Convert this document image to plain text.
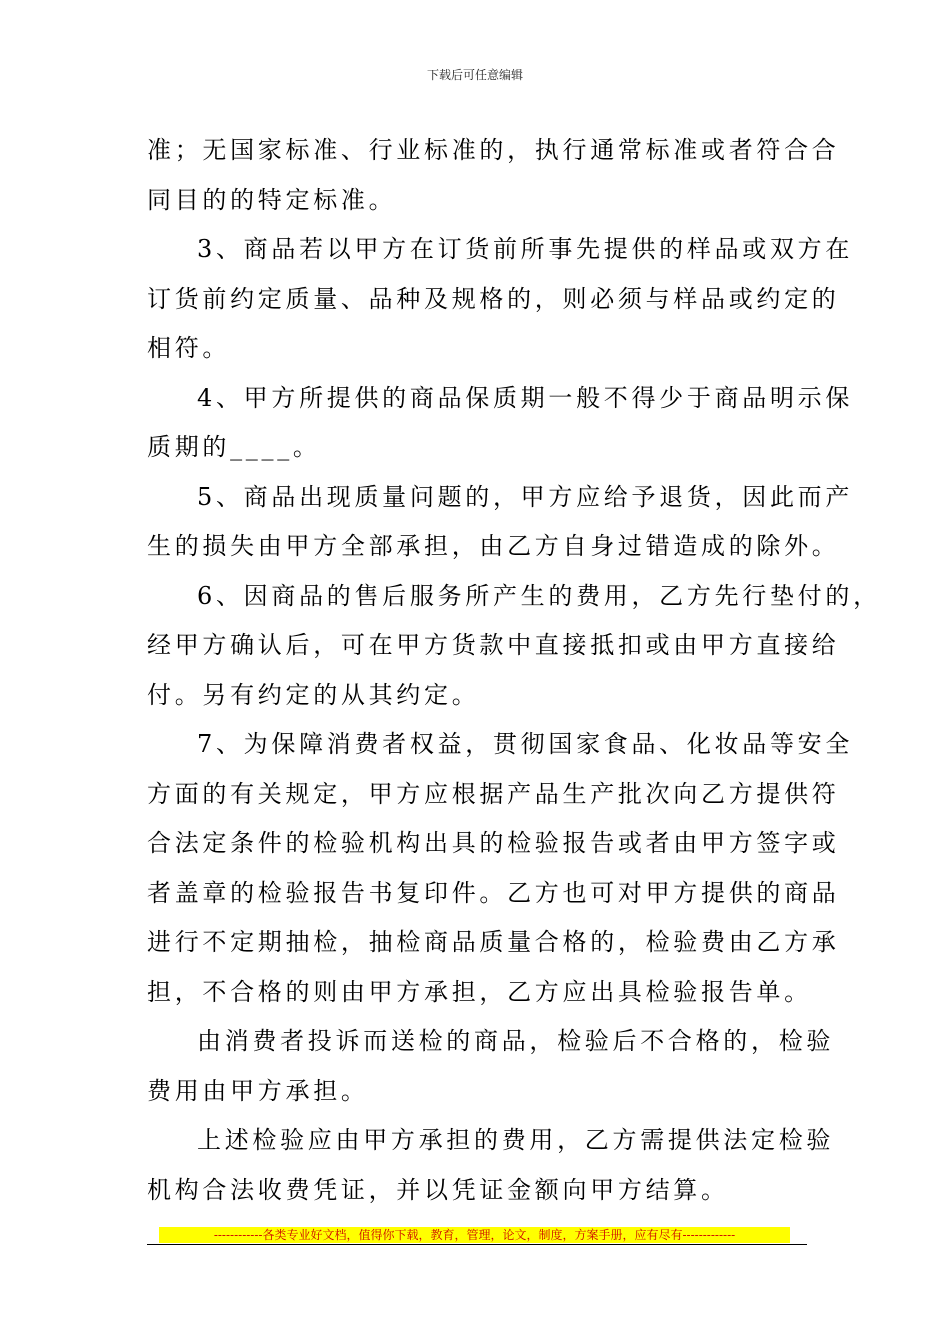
下载后可任意编辑
准；无国家标准、行业标准的，执行通常标准或者符合合
同目的的特定标准。
3、商品若以甲方在订货前所事先提供的样品或双方在
订货前约定质量、品种及规格的，则必须与样品或约定的
相符。
4、甲方所提供的商品保质期一般不得少于商品明示保
质期的____。
5、商品出现质量问题的，甲方应给予退货，因此而产
生的损失由甲方全部承担，由乙方自身过错造成的除外。
6、因商品的售后服务所产生的费用，乙方先行垫付的，
经甲方确认后，可在甲方货款中直接抵扣或由甲方直接给
付。另有约定的从其约定。
7、为保障消费者权益，贯彻国家食品、化妆品等安全
方面的有关规定，甲方应根据产品生产批次向乙方提供符
合法定条件的检验机构出具的检验报告或者由甲方签字或
者盖章的检验报告书复印件。乙方也可对甲方提供的商品
进行不定期抽检，抽检商品质量合格的，检验费由乙方承
担，不合格的则由甲方承担，乙方应出具检验报告单。
由消费者投诉而送检的商品，检验后不合格的，检验
费用由甲方承担。
上述检验应由甲方承担的费用，乙方需提供法定检验
机构合法收费凭证，并以凭证金额向甲方结算。
------------各类专业好文档，值得你下载，教育，管理，论文，制度，方案手册，应有尽有-------------
